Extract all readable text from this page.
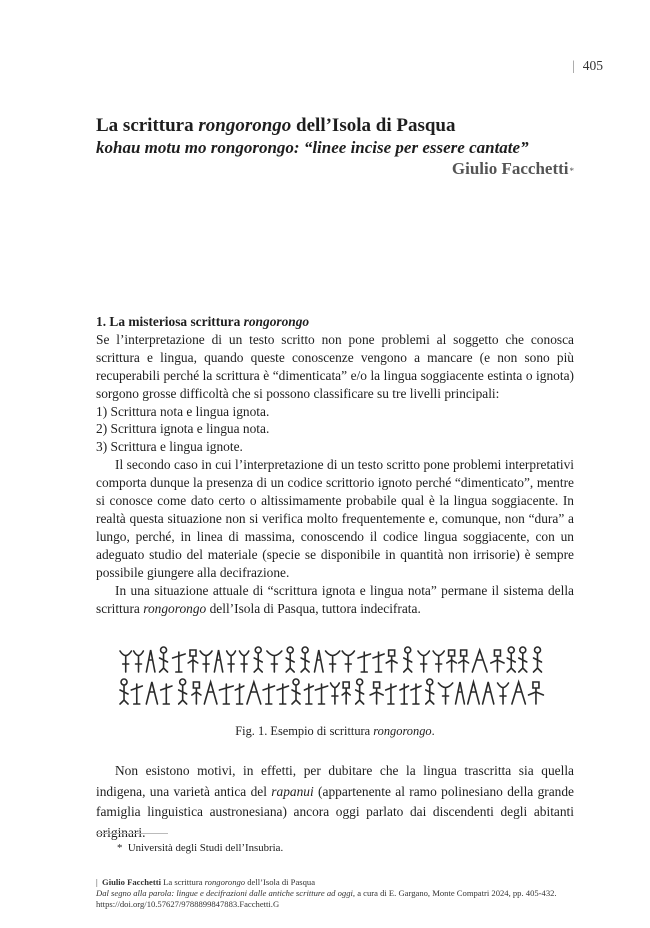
| 405
La scrittura rongorongo dell’Isola di Pasqua
kohau motu mo rongorongo: “linee incise per essere cantate”
Giulio Facchetti*

1. La misteriosa scrittura rongorongo

Se l’interpretazione di un testo scritto non pone problemi al soggetto che conosca scrittura e lingua, quando queste conoscenze vengono a mancare (e non sono più recuperabili perché la scrittura è “dimenticata” e/o la lingua soggiacente estinta o ignota) sorgono grosse difficoltà che si possono classificare su tre livelli principali:

1) Scrittura nota e lingua ignota.

2) Scrittura ignota e lingua nota.

3) Scrittura e lingua ignote.

Il secondo caso in cui l’interpretazione di un testo scritto pone problemi interpretativi comporta dunque la presenza di un codice scrittorio ignoto perché “dimenticato”, mentre si conosce come dato certo o altissimamente probabile qual è la lingua soggiacente. In realtà questa situazione non si verifica molto frequentemente e, comunque, non “dura” a lungo, perché, in linea di massima, conoscendo il codice lingua soggiacente, con un adeguato studio del materiale (specie se disponibile in quantità non irrisorie) è sempre possibile giungere alla decifrazione.

In una situazione attuale di “scrittura ignota e lingua nota” permane il sistema della scrittura rongorongo dell’Isola di Pasqua, tuttora indecifrata.

Fig. 1. Esempio di scrittura rongorongo.

Non esistono motivi, in effetti, per dubitare che la lingua trascritta sia quella indigena, una varietà antica del rapanui (appartenente al ramo polinesiano della grande famiglia linguistica austronesiana) ancora oggi parlato dai discendenti degli abitanti originari.

* Università degli Studi dell’Insubria.

| Giulio Facchetti La scrittura rongorongo dell’Isola di Pasqua

Dal segno alla parola: lingue e decifrazioni dalle antiche scritture ad oggi, a cura di E. Gargano, Monte Compatri 2024, pp. 405-432.

https://doi.org/10.57627/9788899847883.Facchetti.G
